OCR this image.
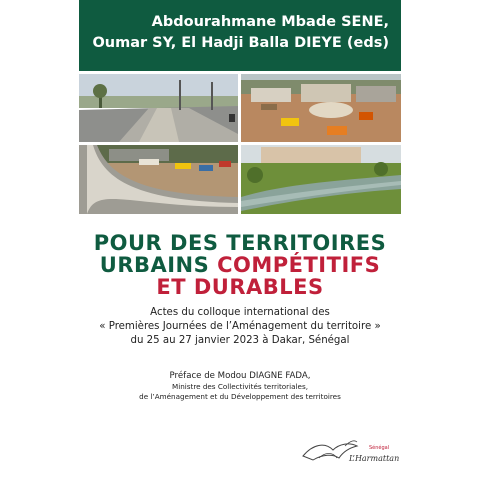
Abdourahmane Mbade SENE,
Oumar SY, El Hadji Balla DIEYE (eds)
POUR DES TERRITOIRES
URBAINS COMPÉTITIFS
ET DURABLES
Actes du colloque international des
« Premières Journées de l’Aménagement du territoire »
du 25 au 27 janvier 2023 à Dakar, Sénégal
Préface de Modou DIAGNE FADA,
Ministre des Collectivités territoriales,
de l’Aménagement et du Développement des territoires
Sénégal
L’Harmattan
